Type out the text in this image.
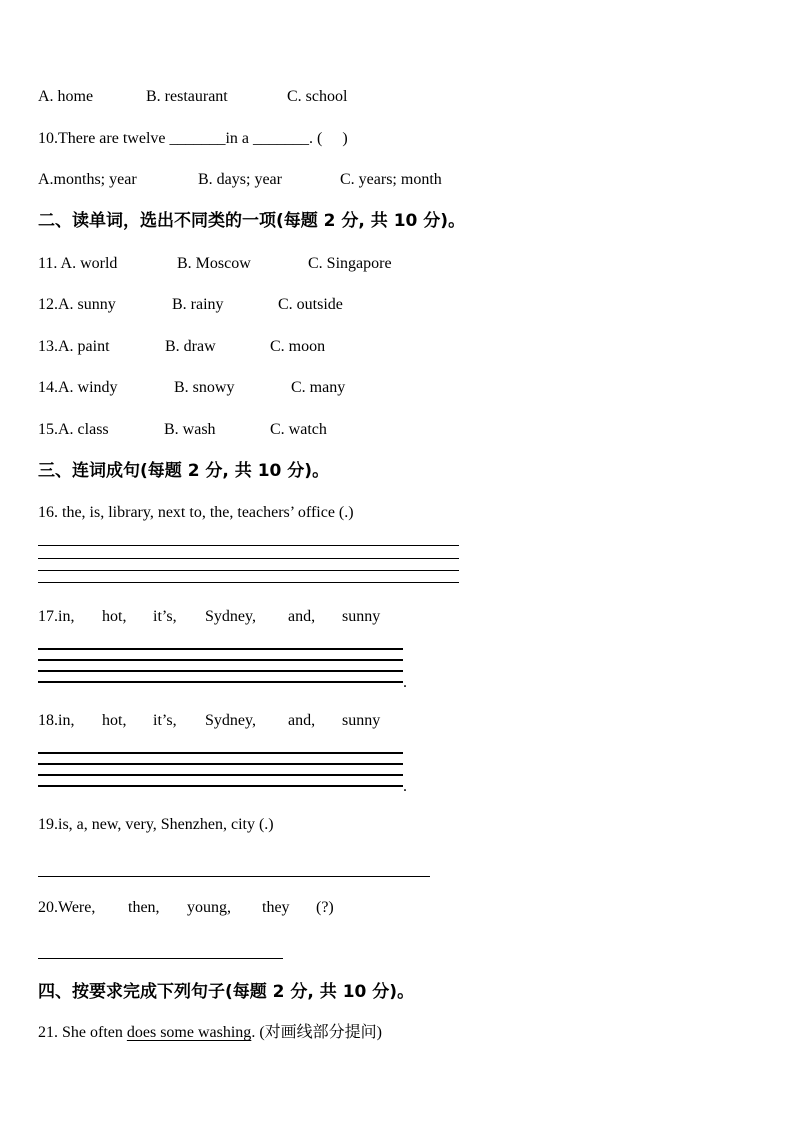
A. home

	B. restaurant

	C. school

10.There are twelve _______in a _______. (     )

A.months; year

	B. days; year

	C. years; month

二、读单词，选出不同类的一项(每题 2 分, 共 10 分)。

11. A. world

	B. Moscow

	C. Singapore

12.A. sunny

	B. rainy

	C. outside

13.A. paint

	B. draw

	C. moon

14.A. windy

	B. snowy

	C. many

15.A. class

	B. wash

	C. watch

三、连词成句(每题 2 分, 共 10 分)。
16. the, is, library, next to, the, teachers’ office (.)

17.in,

hot,

it’s,

Sydney,

and,

sunny

.

18.in,

hot,

it’s,

Sydney,

and,

sunny

.
19.is, a, new, very, Shenzhen, city (.)

20.Were,

then,

young,

they

(?)

四、按要求完成下列句子(每题 2 分, 共 10 分)。
21. She often does some washing. (对画线部分提问)
